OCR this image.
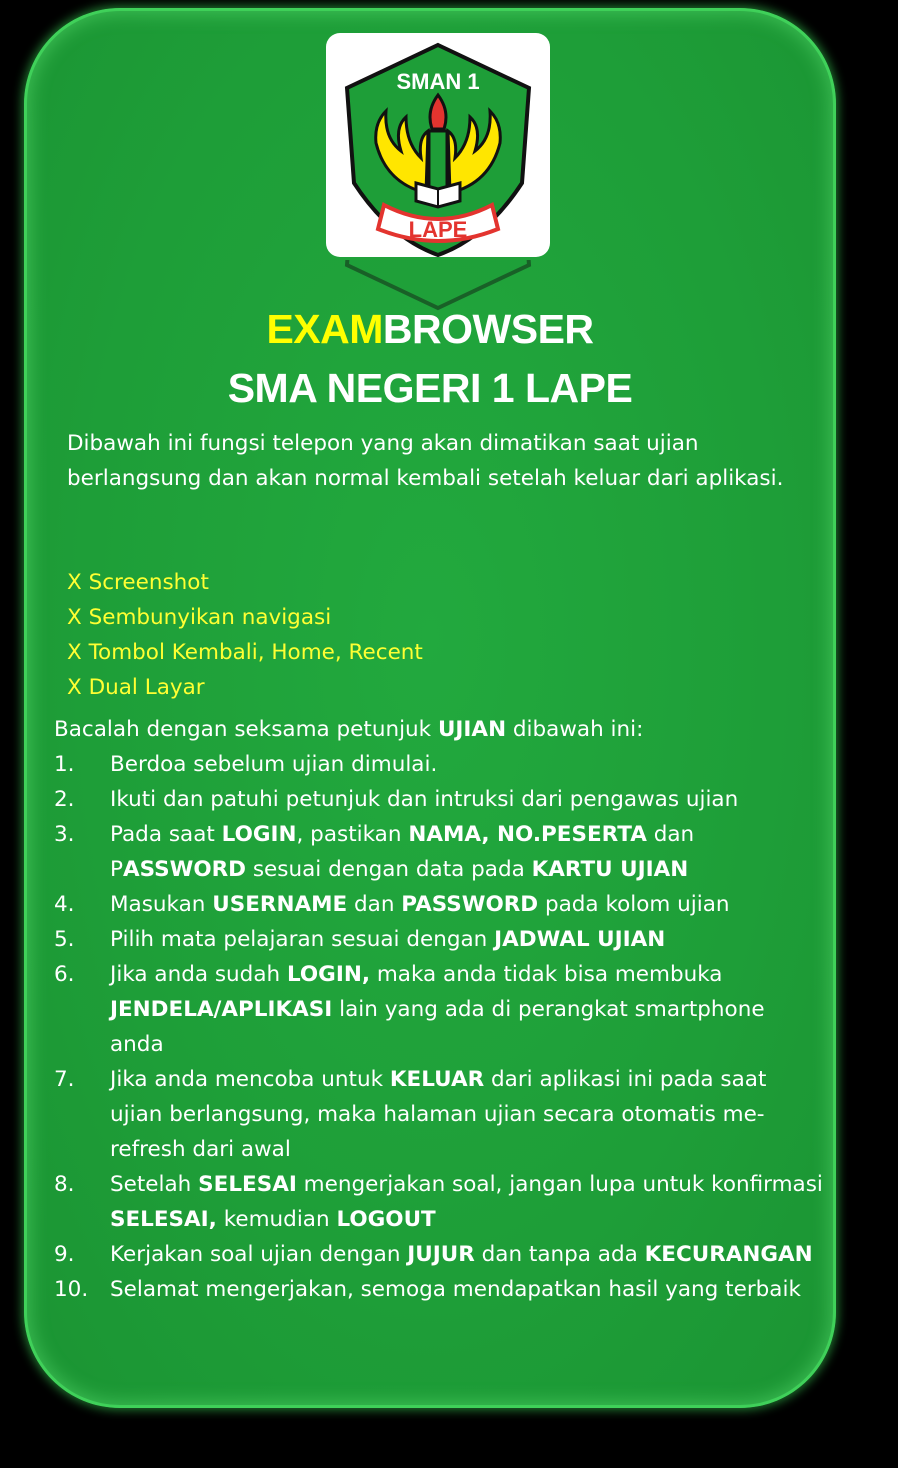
SMAN 1
LAPE
EXAMBROWSER
SMA NEGERI 1 LAPE
Dibawah ini fungsi telepon yang akan dimatikan saat ujian berlangsung dan akan normal kembali setelah keluar dari aplikasi.
X Screenshot
X Sembunyikan navigasi
X Tombol Kembali, Home, Recent
X Dual Layar
Bacalah dengan seksama petunjuk UJIAN dibawah ini:
1. Berdoa sebelum ujian dimulai.
2. Ikuti dan patuhi petunjuk dan intruksi dari pengawas ujian
3. Pada saat LOGIN, pastikan NAMA, NO.PESERTA dan PASSWORD sesuai dengan data pada KARTU UJIAN
4. Masukan USERNAME dan PASSWORD pada kolom ujian
5. Pilih mata pelajaran sesuai dengan JADWAL UJIAN
6. Jika anda sudah LOGIN, maka anda tidak bisa membuka JENDELA/APLIKASI lain yang ada di perangkat smartphone anda
7. Jika anda mencoba untuk KELUAR dari aplikasi ini pada saat ujian berlangsung, maka halaman ujian secara otomatis me-refresh dari awal
8. Setelah SELESAI mengerjakan soal, jangan lupa untuk konfirmasi SELESAI, kemudian LOGOUT
9. Kerjakan soal ujian dengan JUJUR dan tanpa ada KECURANGAN
10. Selamat mengerjakan, semoga mendapatkan hasil yang terbaik
